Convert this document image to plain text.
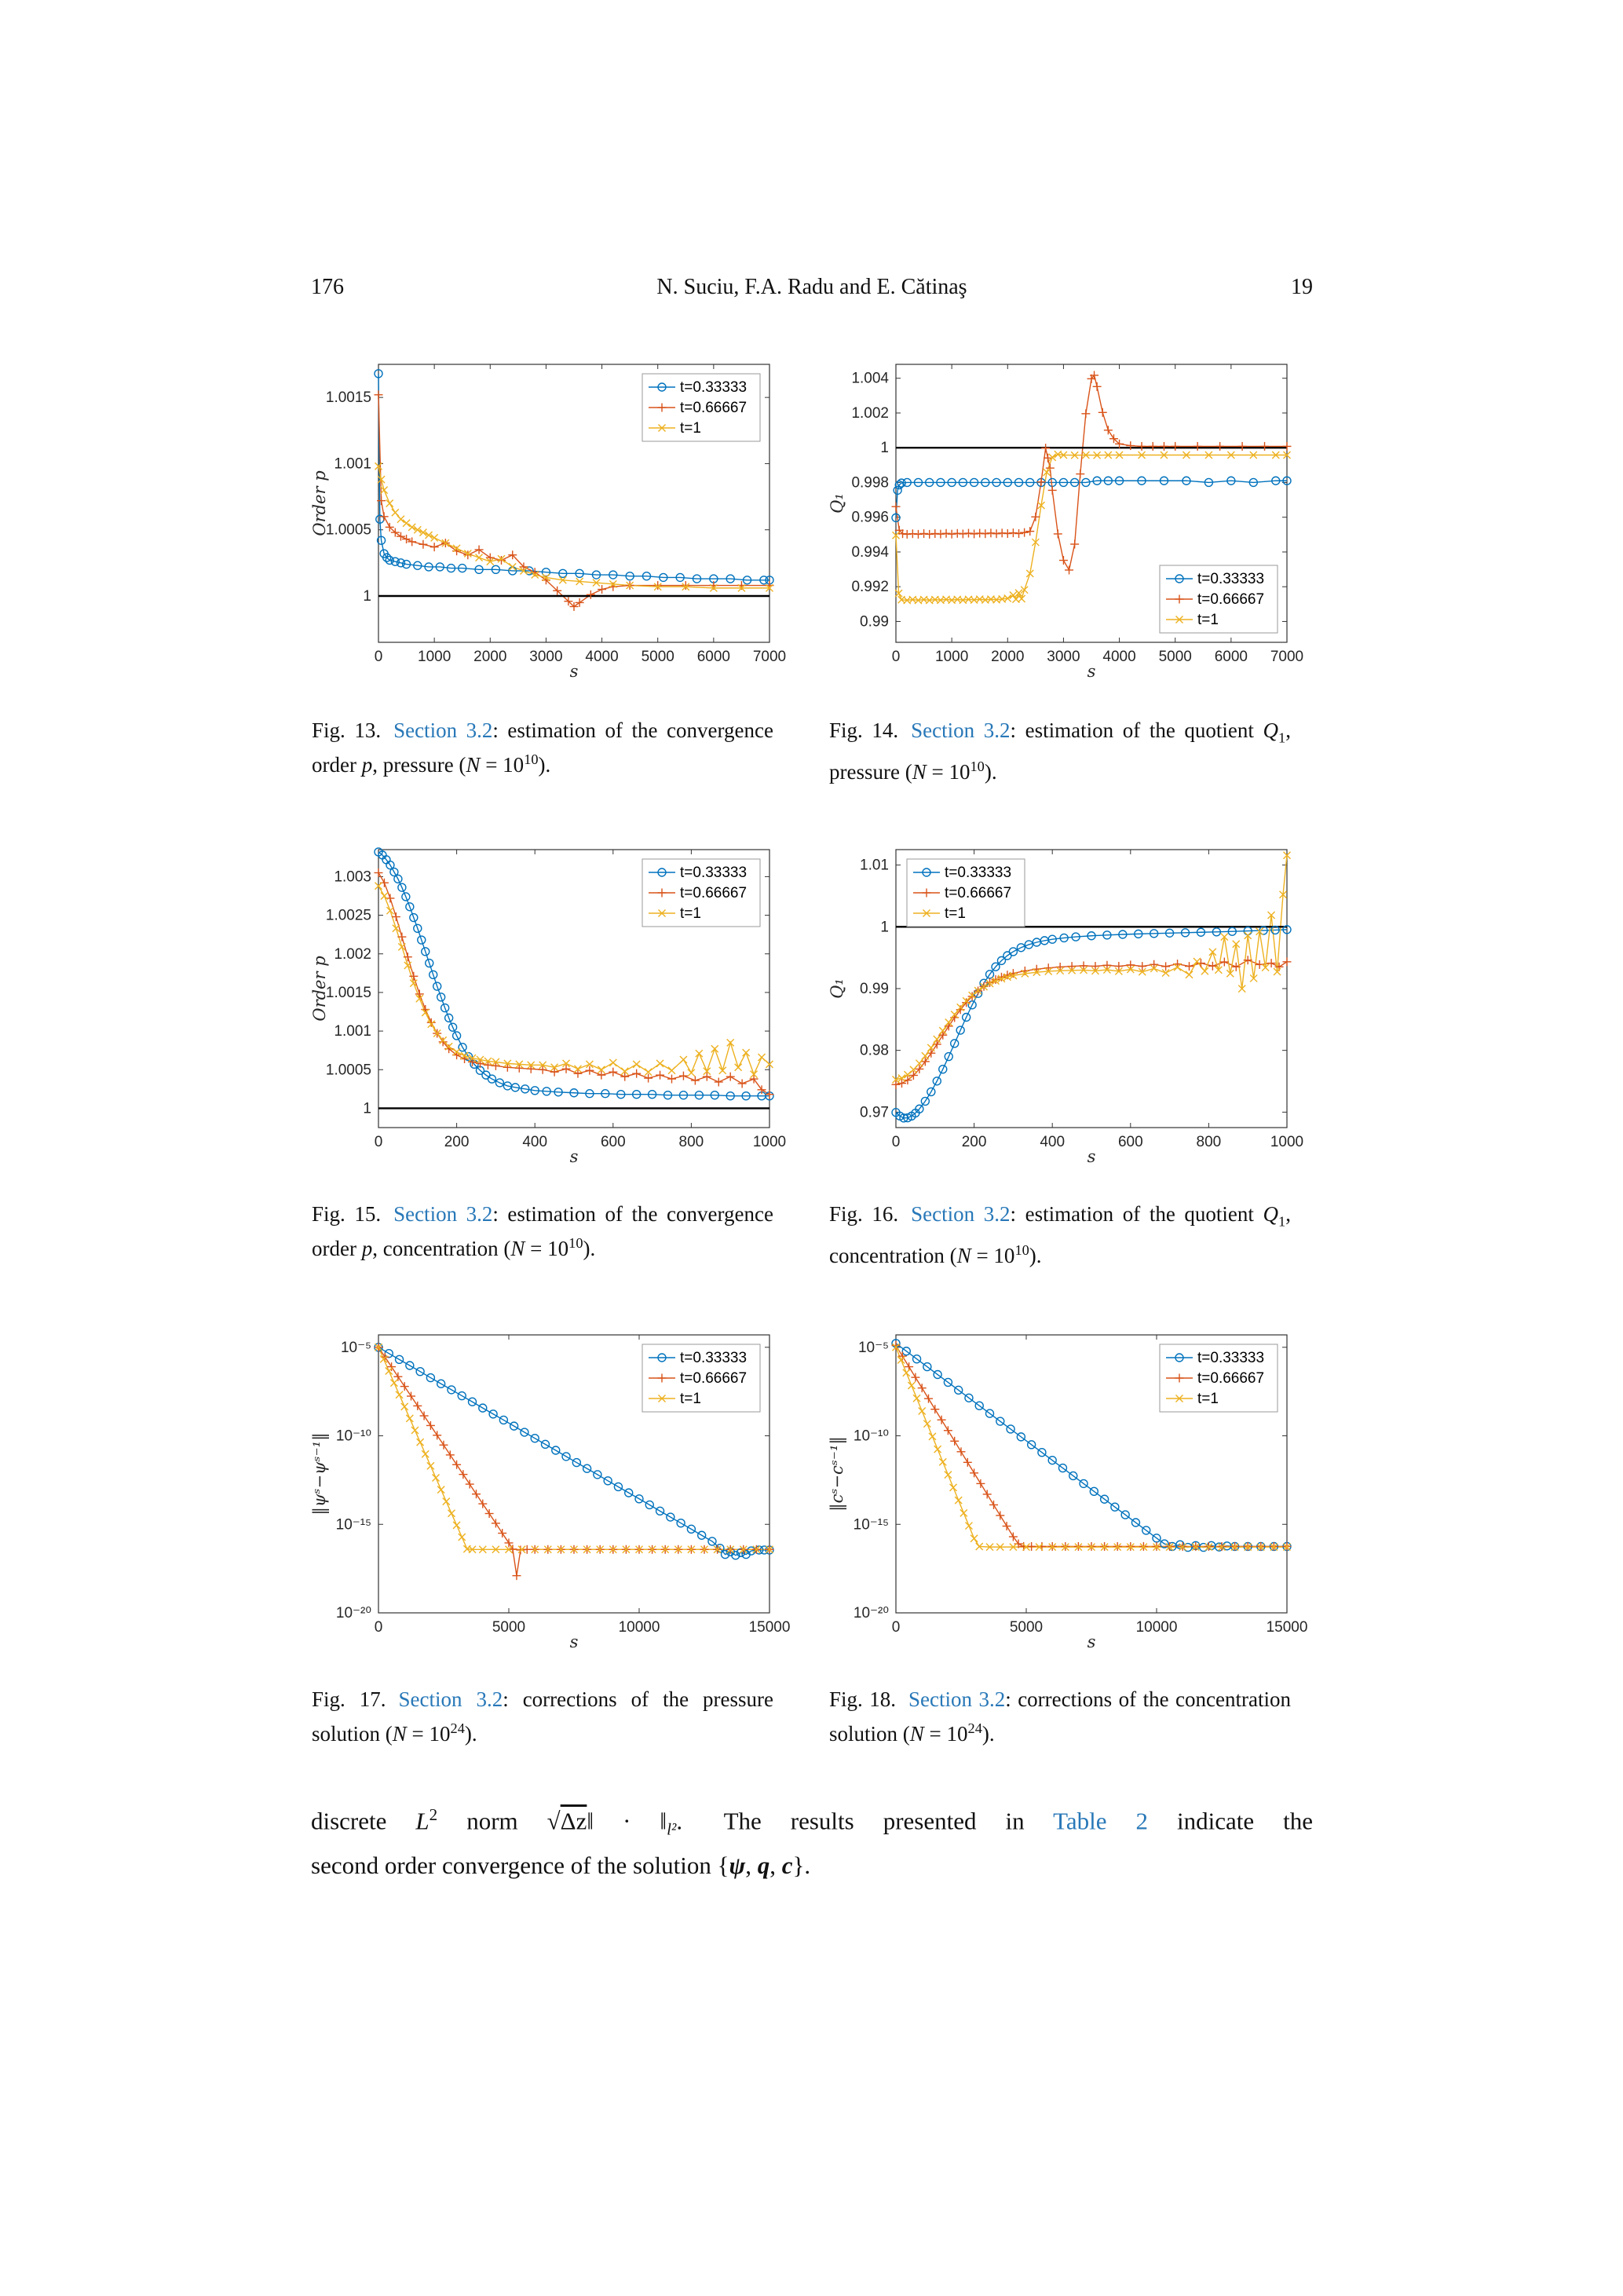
176	N. Suciu, F.A. Radu and E. Cătinaş	19
0 1000 2000 3000 4000 5000 6000 7000
1
1.0005
1.001
1.0015
s
Order p
t=0.33333
t=0.66667
t=1
0 1000 2000 3000 4000 5000 6000 7000
0.99
0.992
0.994
0.996
0.998
1
1.002
1.004
s
Q₁
t=0.33333
t=0.66667
t=1
0	200	400	600	800	1000
1
1.0005
1.001
1.0015
1.002
1.0025
1.003
s
Order p
t=0.33333
t=0.66667
t=1
0	200	400	600	800	1000
0.97
0.98
0.99
1
1.01
s
Q₁
t=0.33333
t=0.66667
t=1
0	5000	10000	15000
10⁻²⁰
10⁻¹⁵
10⁻¹⁰
10⁻⁵
s
‖ψˢ−ψˢ⁻¹‖
t=0.33333
t=0.66667
t=1
0	5000	10000	15000
10⁻²⁰
10⁻¹⁵
10⁻¹⁰
10⁻⁵
s
‖cˢ−cˢ⁻¹‖
t=0.33333
t=0.66667
t=1
Fig. 13. Section 3.2: estimation of the convergence order p, pressure $(N = 10^{10})$.
Fig. 14. Section 3.2: estimation of the quotient $Q_1$, pressure $(N = 10^{10})$.
Fig. 15. Section 3.2: estimation of the convergence order p, concentration $(N = 10^{10})$.
Fig. 16. Section 3.2: estimation of the quotient $Q_1$, concentration $(N = 10^{10})$.
Fig. 17. Section 3.2: corrections of the pressure solution $(N = 10^{24})$.
Fig. 18. Section 3.2: corrections of the concentration solution $(N = 10^{24})$.
discrete $L^2$ norm √Δz‖ · $‖_{l^2}$.  The results presented in Table 2 indicate the
second order convergence of the solution {ψ, q, c}.
